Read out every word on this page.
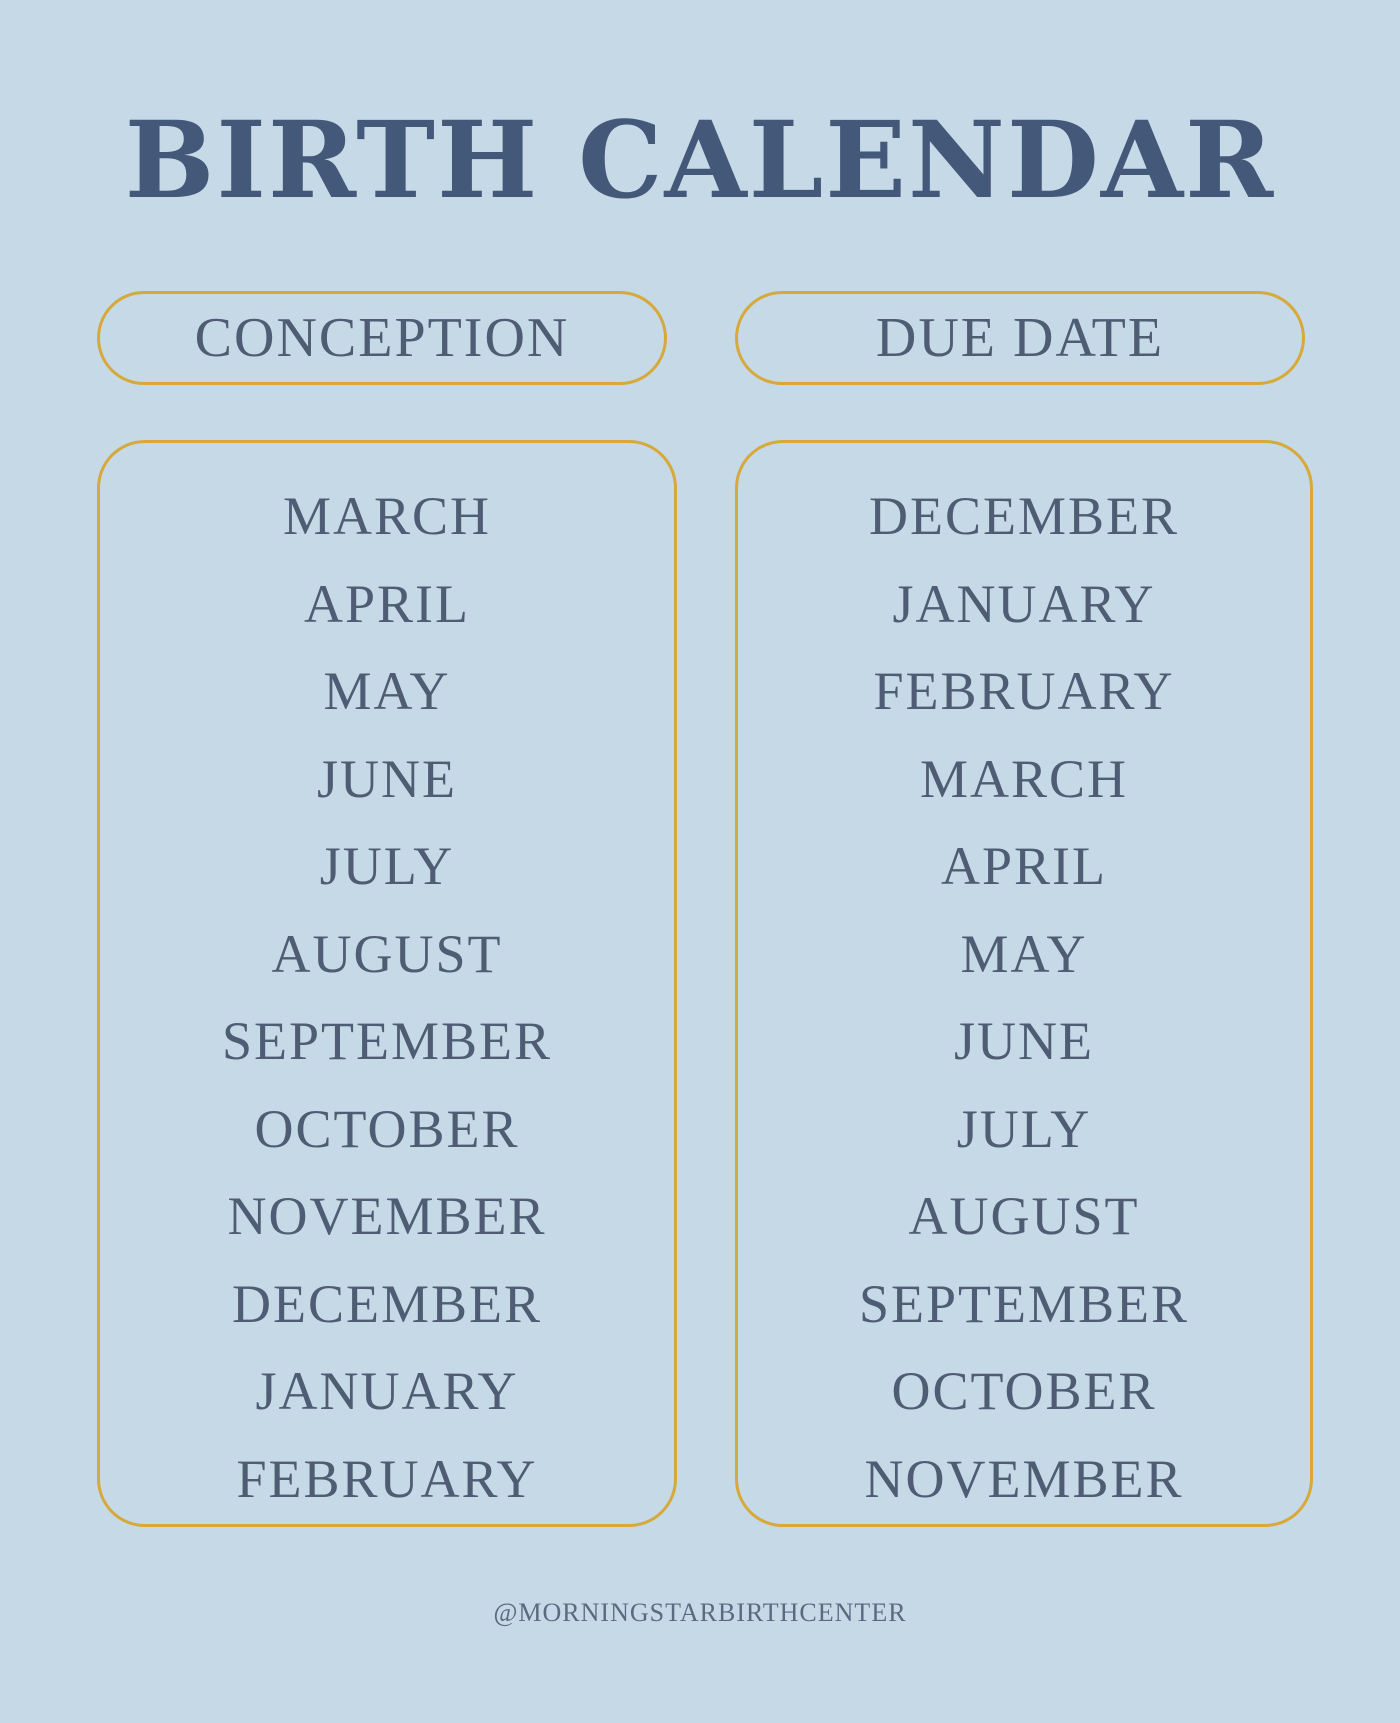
BIRTH CALENDAR
CONCEPTION	DUE DATE
MARCH
APRIL
MAY
JUNE
JULY
AUGUST
SEPTEMBER
OCTOBER
NOVEMBER
DECEMBER
JANUARY
FEBRUARY
DECEMBER
JANUARY
FEBRUARY
MARCH
APRIL
MAY
JUNE
JULY
AUGUST
SEPTEMBER
OCTOBER
NOVEMBER
@MORNINGSTARBIRTHCENTER
